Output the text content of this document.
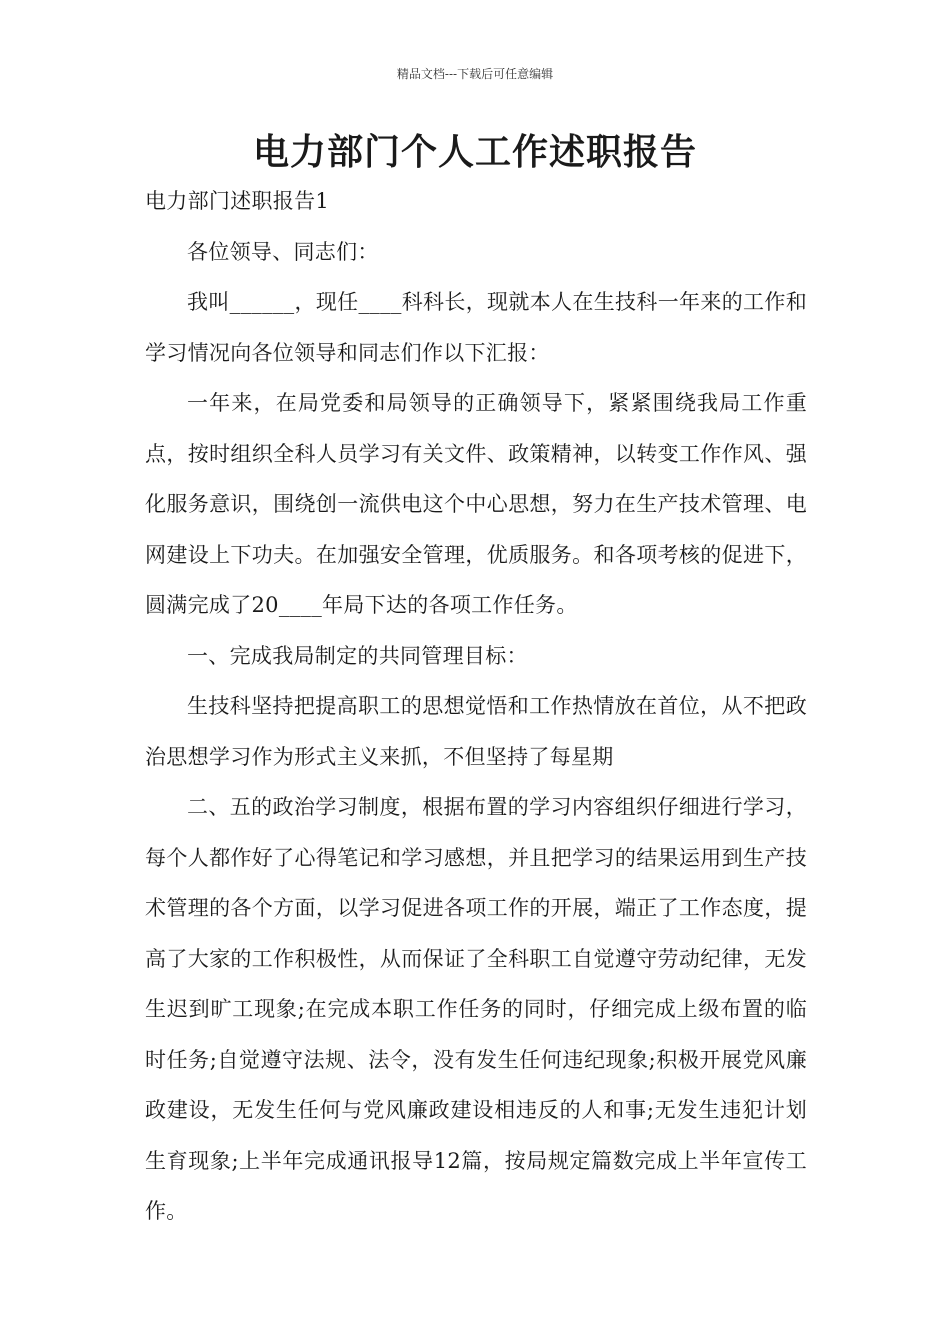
精品文档---下载后可任意编辑
电力部门个人工作述职报告

电力部门述职报告1

各位领导、同志们：

我叫______，现任____科科长，现就本人在生技科一年来的工作和学习情况向各位领导和同志们作以下汇报：

一年来，在局党委和局领导的正确领导下，紧紧围绕我局工作重点，按时组织全科人员学习有关文件、政策精神，以转变工作作风、强化服务意识，围绕创一流供电这个中心思想，努力在生产技术管理、电网建设上下功夫。在加强安全管理，优质服务。和各项考核的促进下，圆满完成了20____年局下达的各项工作任务。

一、完成我局制定的共同管理目标：

生技科坚持把提高职工的思想觉悟和工作热情放在首位，从不把政治思想学习作为形式主义来抓，不但坚持了每星期

二、五的政治学习制度，根据布置的学习内容组织仔细进行学习，每个人都作好了心得笔记和学习感想，并且把学习的结果运用到生产技术管理的各个方面，以学习促进各项工作的开展，端正了工作态度，提高了大家的工作积极性，从而保证了全科职工自觉遵守劳动纪律，无发生迟到旷工现象;在完成本职工作任务的同时，仔细完成上级布置的临时任务;自觉遵守法规、法令，没有发生任何违纪现象;积极开展党风廉政建设，无发生任何与党风廉政建设相违反的人和事;无发生违犯计划生育现象;上半年完成通讯报导12篇，按局规定篇数完成上半年宣传工作。
